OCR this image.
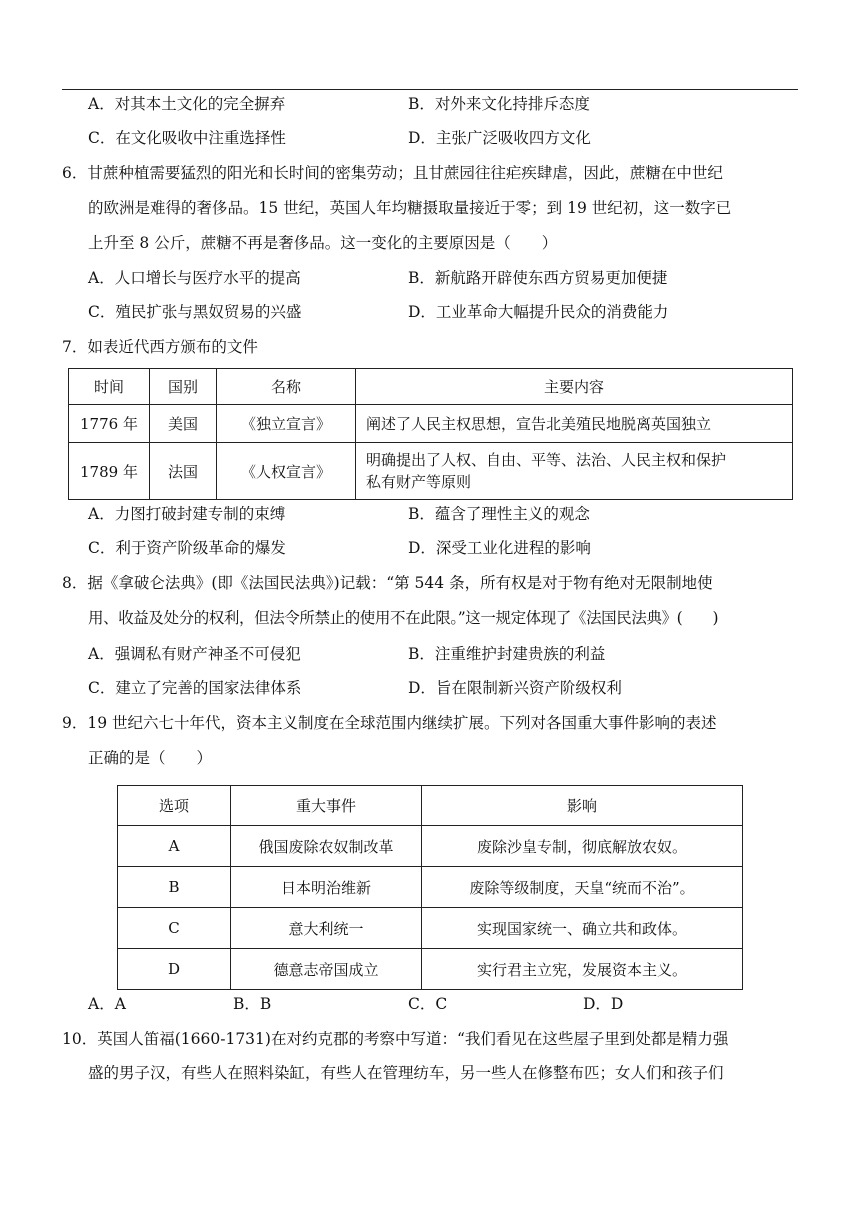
A．对其本土文化的完全摒弃	B．对外来文化持排斥态度
C．在文化吸收中注重选择性	D．主张广泛吸收四方文化
6．甘蔗种植需要猛烈的阳光和长时间的密集劳动；且甘蔗园往往疟疾肆虐，因此，蔗糖在中世纪
的欧洲是难得的奢侈品。15 世纪，英国人年均糖摄取量接近于零；到 19 世纪初，这一数字已
上升至 8 公斤，蔗糖不再是奢侈品。这一变化的主要原因是（　　）
A．人口增长与医疗水平的提高	B．新航路开辟使东西方贸易更加便捷
C．殖民扩张与黑奴贸易的兴盛	D．工业革命大幅提升民众的消费能力
7．如表近代西方颁布的文件
时间	国别	名称	主要内容
1776 年	美国	《独立宣言》	阐述了人民主权思想，宣告北美殖民地脱离英国独立
1789 年	法国	《人权宣言》	明确提出了人权、自由、平等、法治、人民主权和保护
私有财产等原则
A．力图打破封建专制的束缚	B．蕴含了理性主义的观念
C．利于资产阶级革命的爆发	D．深受工业化进程的影响
8．据《拿破仑法典》(即《法国民法典》)记载：“第 544 条，所有权是对于物有绝对无限制地使
用、收益及处分的权利，但法令所禁止的使用不在此限。”这一规定体现了《法国民法典》(　　)
A．强调私有财产神圣不可侵犯	B．注重维护封建贵族的利益
C．建立了完善的国家法律体系	D．旨在限制新兴资产阶级权利
9．19 世纪六七十年代，资本主义制度在全球范围内继续扩展。下列对各国重大事件影响的表述
正确的是（　　）
选项	重大事件	影响
A	俄国废除农奴制改革	废除沙皇专制，彻底解放农奴。
B	日本明治维新	废除等级制度，天皇“统而不治”。
C	意大利统一	实现国家统一、确立共和政体。
D	德意志帝国成立	实行君主立宪，发展资本主义。
A．A	B．B	C．C	D．D
10．英国人笛福(1660-1731)在对约克郡的考察中写道：“我们看见在这些屋子里到处都是精力强
盛的男子汉，有些人在照料染缸，有些人在管理纺车，另一些人在修整布匹；女人们和孩子们
